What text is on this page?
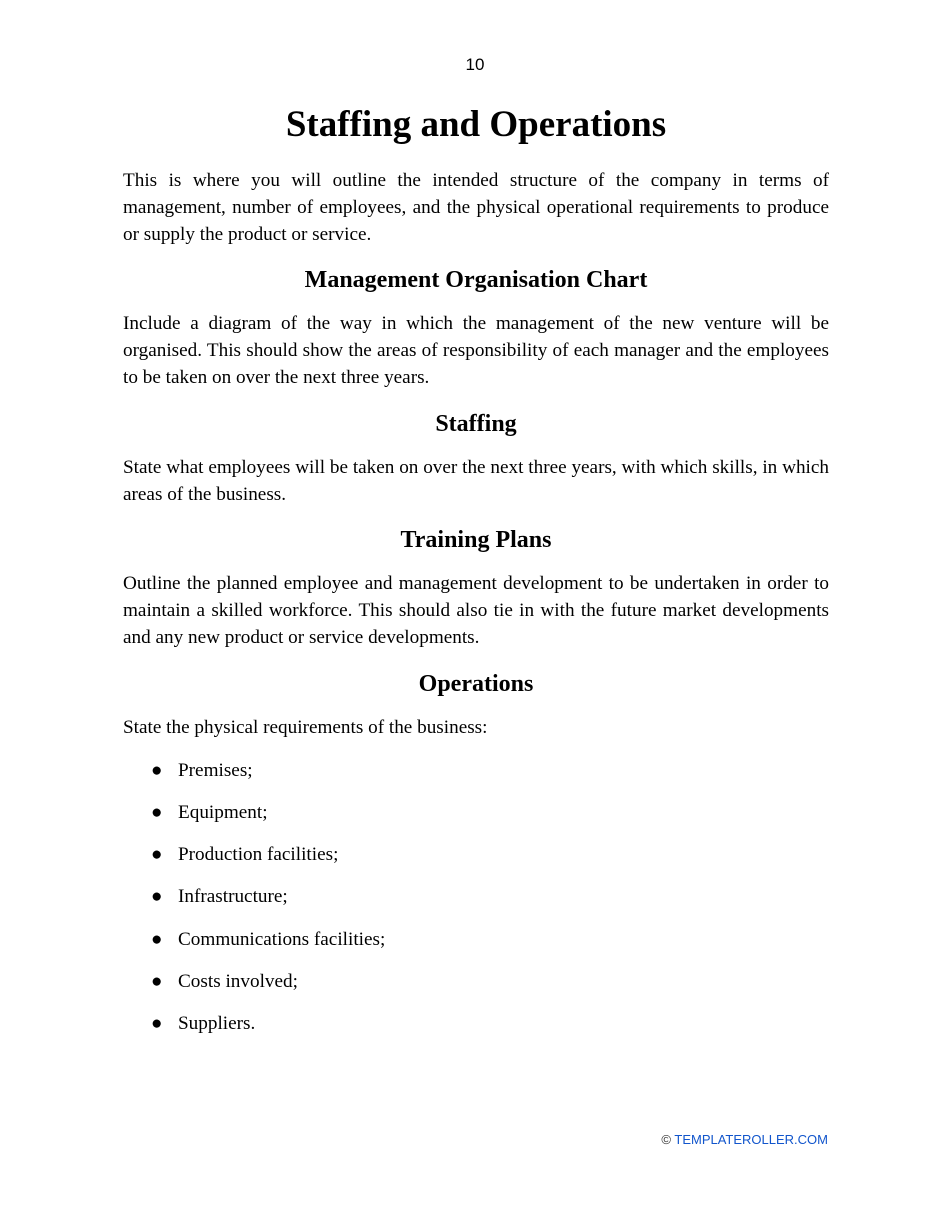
10
Staffing and Operations

This is where you will outline the intended structure of the company in terms of management, number of employees, and the physical operational requirements to produce or supply the product or service.

Management Organisation Chart

Include a diagram of the way in which the management of the new venture will be organised. This should show the areas of responsibility of each manager and the employees to be taken on over the next three years.

Staffing

State what employees will be taken on over the next three years, with which skills, in which areas of the business.

Training Plans

Outline the planned employee and management development to be undertaken in order to maintain a skilled workforce. This should also tie in with the future market developments and any new product or service developments.

Operations

State the physical requirements of the business:

● Premises;
● Equipment;
● Production facilities;
● Infrastructure;
● Communications facilities;
● Costs involved;
● Suppliers.
© TEMPLATEROLLER.COM
